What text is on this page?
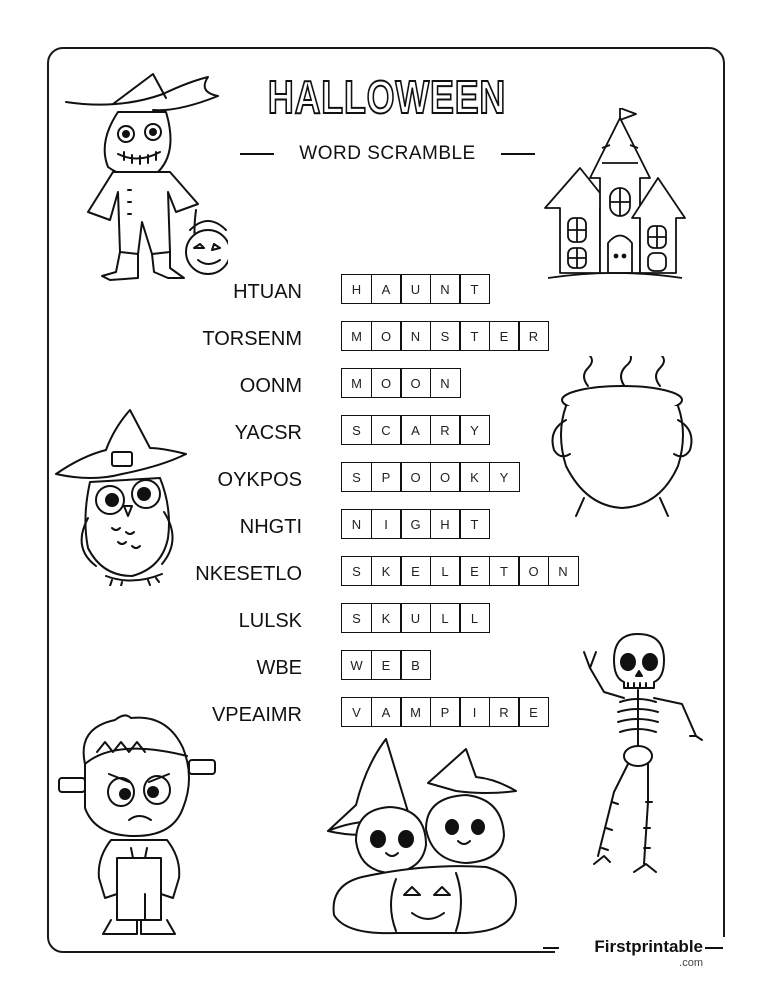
HALLOWEEN
WORD SCRAMBLE
HTUAN	H	A	U	N	T
TORSENM	M	O	N	S	T	E	R
OONM	M	O	O	N
YACSR	S	C	A	R	Y
OYKPOS	S	P	O	O	K	Y
NHGTI	N	I	G	H	T
NKESETLO	S	K	E	L	E	T	O	N
LULSK	S	K	U	L	L
WBE	W	E	B
VPEAIMR	V	A	M	P	I	R	E
Firstprintable
.com
